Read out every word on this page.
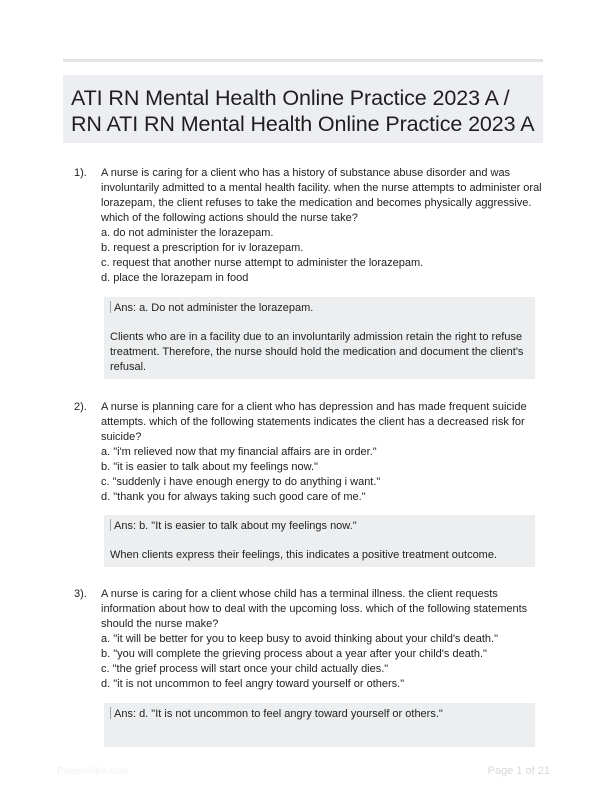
ATI RN Mental Health Online Practice 2023 A /
RN ATI RN Mental Health Online Practice 2023 A
1). A nurse is caring for a client who has a history of substance abuse disorder and was
involuntarily admitted to a mental health facility. when the nurse attempts to administer oral
lorazepam, the client refuses to take the medication and becomes physically aggressive.
which of the following actions should the nurse take?
a. do not administer the lorazepam.
b. request a prescription for iv lorazepam.
c. request that another nurse attempt to administer the lorazepam.
d. place the lorazepam in food
Ans: a. Do not administer the lorazepam.
Clients who are in a facility due to an involuntarily admission retain the right to refuse
treatment. Therefore, the nurse should hold the medication and document the client's
refusal.
2). A nurse is planning care for a client who has depression and has made frequent suicide
attempts. which of the following statements indicates the client has a decreased risk for
suicide?
a. "i'm relieved now that my financial affairs are in order."
b. "it is easier to talk about my feelings now."
c. "suddenly i have enough energy to do anything i want."
d. "thank you for always taking such good care of me."
Ans: b. "It is easier to talk about my feelings now."
When clients express their feelings, this indicates a positive treatment outcome.
3). A nurse is caring for a client whose child has a terminal illness. the client requests
information about how to deal with the upcoming loss. which of the following statements
should the nurse make?
a. "it will be better for you to keep busy to avoid thinking about your child's death."
b. "you will complete the grieving process about a year after your child's death."
c. "the grief process will start once your child actually dies."
d. "it is not uncommon to feel angry toward yourself or others."
Ans: d. "It is not uncommon to feel angry toward yourself or others."
PaperWibe.com	Page 1 of 21
